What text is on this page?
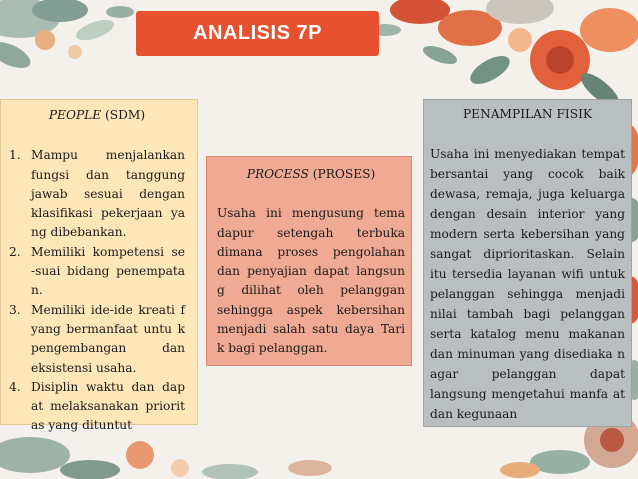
ANALISIS 7P
PEOPLE (SDM)
1. Mampu menjalankan fungsi dan tanggung jawab sesuai dengan klasifikasi pekerjaan ya ng dibebankan.
2. Memiliki kompetensi se -suai bidang penempata n.
3. Memiliki ide-ide kreati f yang bermanfaat untu k pengembangan dan eksistensi usaha.
4. Disiplin waktu dan dap at melaksanakan priorit as yang dituntut
PROCESS (PROSES)
Usaha ini mengusung tema dapur setengah terbuka dimana proses pengolahan dan penyajian dapat langsun g dilihat oleh pelanggan sehingga aspek kebersihan menjadi salah satu daya Tari k bagi pelanggan.
PENAMPILAN FISIK
Usaha ini menyediakan tempat bersantai yang cocok baik dewasa, remaja, juga keluarga dengan desain interior yang modern serta kebersihan yang sangat diprioritaskan. Selain itu tersedia layanan wifi untuk pelanggan sehingga menjadi nilai tambah bagi pelanggan serta katalog menu makanan dan minuman yang disediaka n agar pelanggan dapat langsung mengetahui manfa at dan kegunaan
